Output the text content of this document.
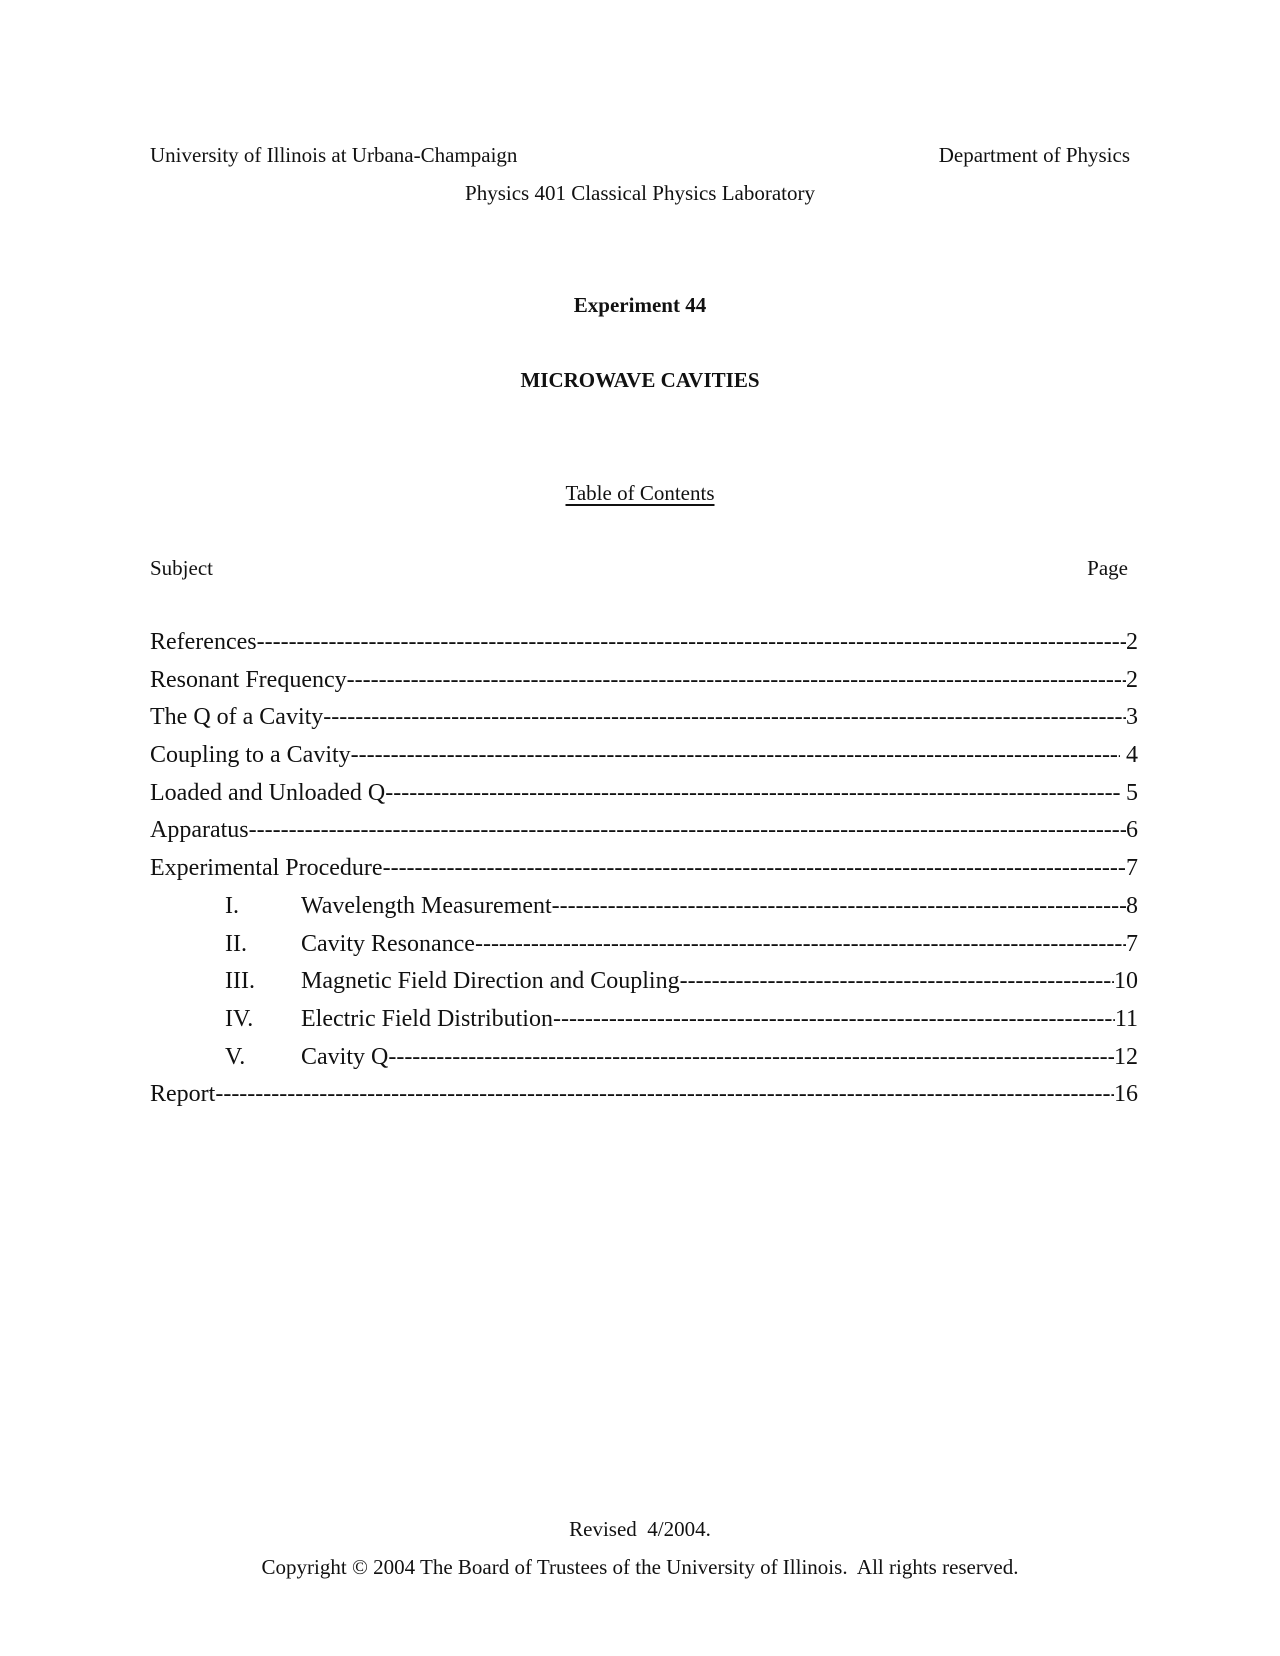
University of Illinois at Urbana-Champaign	Department of Physics
Physics 401 Classical Physics Laboratory
Experiment 44
MICROWAVE CAVITIES
Table of Contents
Subject	Page
References -----	2
Resonant Frequency -----	2
The Q of a Cavity -----	3
Coupling to a Cavity -----	4
Loaded and Unloaded Q -----	5
Apparatus -----	6
Experimental Procedure -----	7
I.	Wavelength Measurement -----	8
II.	Cavity Resonance -----	7
III.	Magnetic Field Direction and Coupling -----	10
IV.	Electric Field Distribution -----	11
V.	Cavity Q -----	12
Report -----	16
Revised  4/2004.
Copyright © 2004 The Board of Trustees of the University of Illinois.  All rights reserved.
